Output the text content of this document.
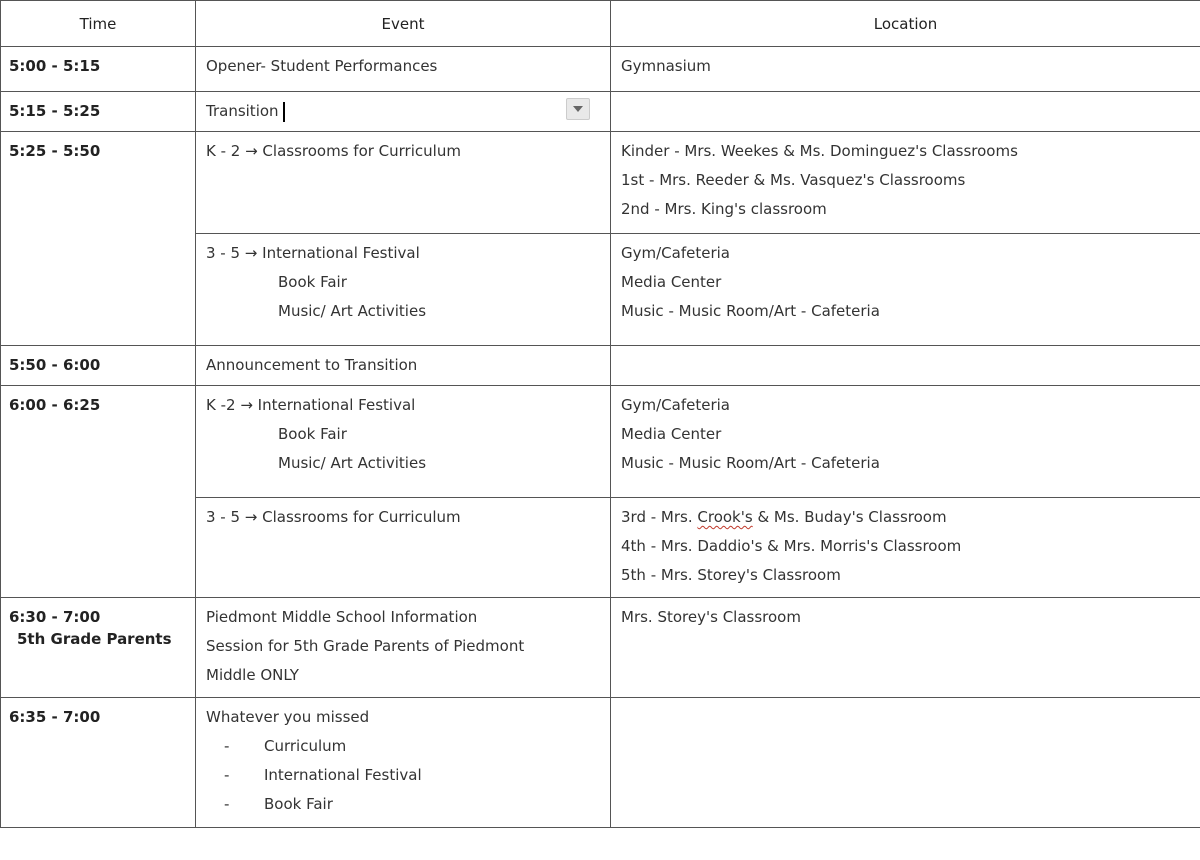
Time	Event	Location
5:00 - 5:15	Opener- Student Performances	Gymnasium

5:15 - 5:25	Transition	

5:25 - 5:50	K - 2 → Classrooms for Curriculum	Kinder - Mrs. Weekes & Ms. Dominguez's Classrooms
1st - Mrs. Reeder & Ms. Vasquez's Classrooms
2nd - Mrs. King's classroom

	3 - 5 → International Festival
Book Fair
Music/ Art Activities	Gym/Cafeteria
Media Center
Music - Music Room/Art - Cafeteria

5:50 - 6:00	Announcement to Transition	

6:00 - 6:25	K -2 → International Festival
Book Fair
Music/ Art Activities	Gym/Cafeteria
Media Center
Music - Music Room/Art - Cafeteria

	3 - 5 → Classrooms for Curriculum	3rd - Mrs. Crook's & Ms. Buday's Classroom
4th - Mrs. Daddio's & Mrs. Morris's Classroom
5th - Mrs. Storey's Classroom

6:30 - 7:00
5th Grade Parents	Piedmont Middle School Information
Session for 5th Grade Parents of Piedmont
Middle ONLY	Mrs. Storey's Classroom

6:35 - 7:00	Whatever you missed
- Curriculum
- International Festival
- Book Fair	
